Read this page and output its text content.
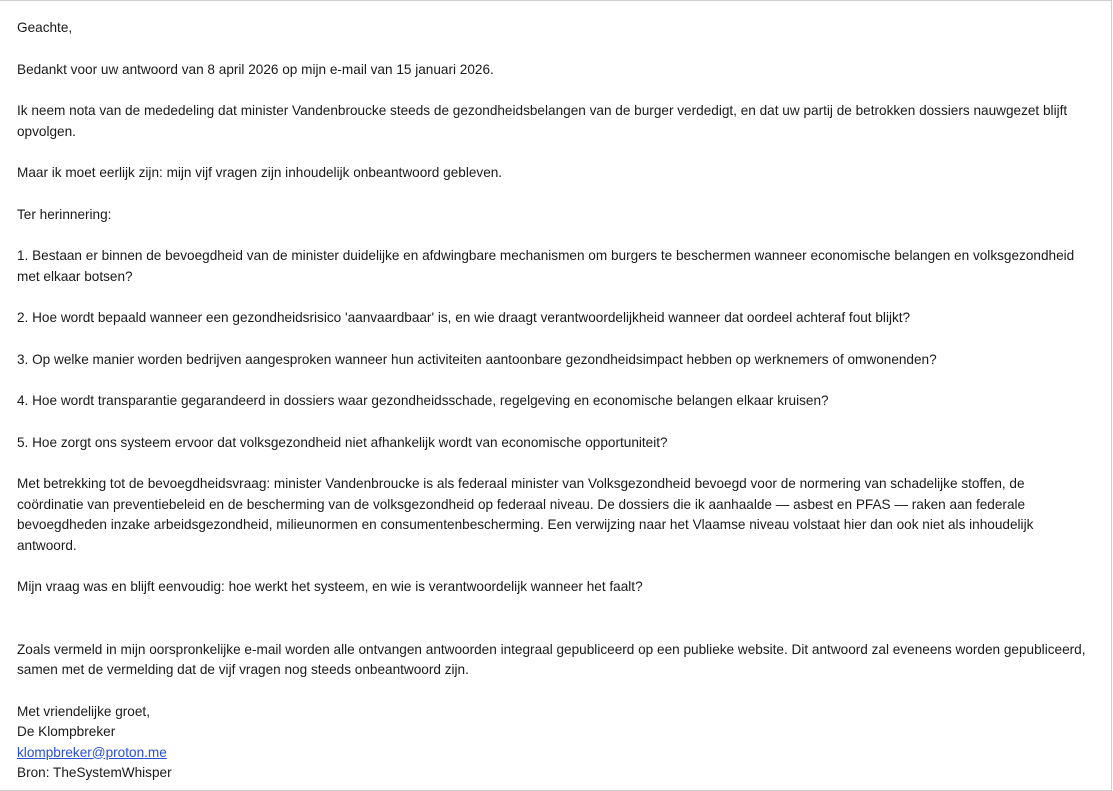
Geachte,

Bedankt voor uw antwoord van 8 april 2026 op mijn e-mail van 15 januari 2026.

Ik neem nota van de mededeling dat minister Vandenbroucke steeds de gezondheidsbelangen van de burger verdedigt, en dat uw partij de betrokken dossiers nauwgezet blijft opvolgen.

Maar ik moet eerlijk zijn: mijn vijf vragen zijn inhoudelijk onbeantwoord gebleven.

Ter herinnering:

1. Bestaan er binnen de bevoegdheid van de minister duidelijke en afdwingbare mechanismen om burgers te beschermen wanneer economische belangen en volksgezondheid met elkaar botsen?

2. Hoe wordt bepaald wanneer een gezondheidsrisico 'aanvaardbaar' is, en wie draagt verantwoordelijkheid wanneer dat oordeel achteraf fout blijkt?

3. Op welke manier worden bedrijven aangesproken wanneer hun activiteiten aantoonbare gezondheidsimpact hebben op werknemers of omwonenden?

4. Hoe wordt transparantie gegarandeerd in dossiers waar gezondheidsschade, regelgeving en economische belangen elkaar kruisen?

5. Hoe zorgt ons systeem ervoor dat volksgezondheid niet afhankelijk wordt van economische opportuniteit?

Met betrekking tot de bevoegdheidsvraag: minister Vandenbroucke is als federaal minister van Volksgezondheid bevoegd voor de normering van schadelijke stoffen, de coördinatie van preventiebeleid en de bescherming van de volksgezondheid op federaal niveau. De dossiers die ik aanhaalde — asbest en PFAS — raken aan federale bevoegdheden inzake arbeidsgezondheid, milieunormen en consumentenbescherming. Een verwijzing naar het Vlaamse niveau volstaat hier dan ook niet als inhoudelijk antwoord.

Mijn vraag was en blijft eenvoudig: hoe werkt het systeem, en wie is verantwoordelijk wanneer het faalt?

Zoals vermeld in mijn oorspronkelijke e-mail worden alle ontvangen antwoorden integraal gepubliceerd op een publieke website. Dit antwoord zal eveneens worden gepubliceerd, samen met de vermelding dat de vijf vragen nog steeds onbeantwoord zijn.

Met vriendelijke groet,

De Klompbreker

klompbreker@proton.me

Bron: TheSystemWhisper
